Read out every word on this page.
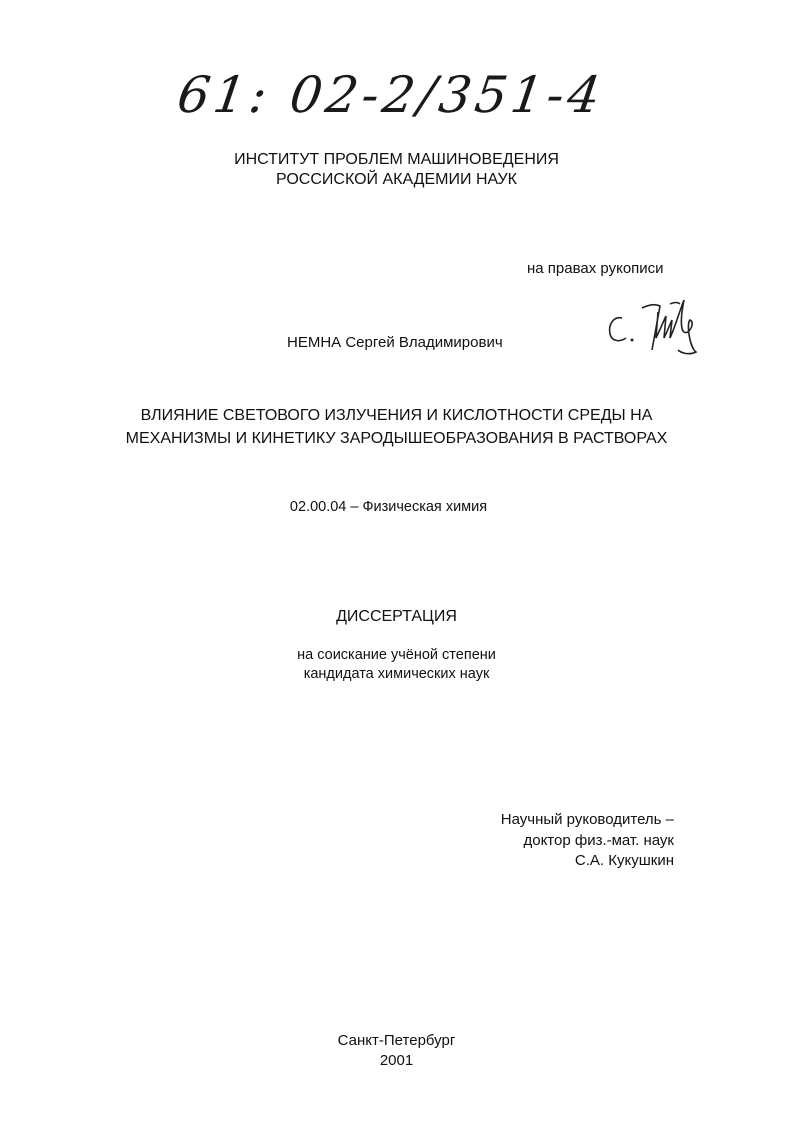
61: 02-2/351-4
ИНСТИТУТ ПРОБЛЕМ МАШИНОВЕДЕНИЯ
РОССИСКОЙ АКАДЕМИИ НАУК
на правах рукописи
НЕМНА Сергей Владимирович
ВЛИЯНИЕ СВЕТОВОГО ИЗЛУЧЕНИЯ И КИСЛОТНОСТИ СРЕДЫ НА
МЕХАНИЗМЫ И КИНЕТИКУ ЗАРОДЫШЕОБРАЗОВАНИЯ В РАСТВОРАХ
02.00.04 – Физическая химия
ДИССЕРТАЦИЯ
на соискание учёной степени
кандидата химических наук
Научный руководитель –
доктор физ.-мат. наук
С.А. Кукушкин
Санкт-Петербург
2001
